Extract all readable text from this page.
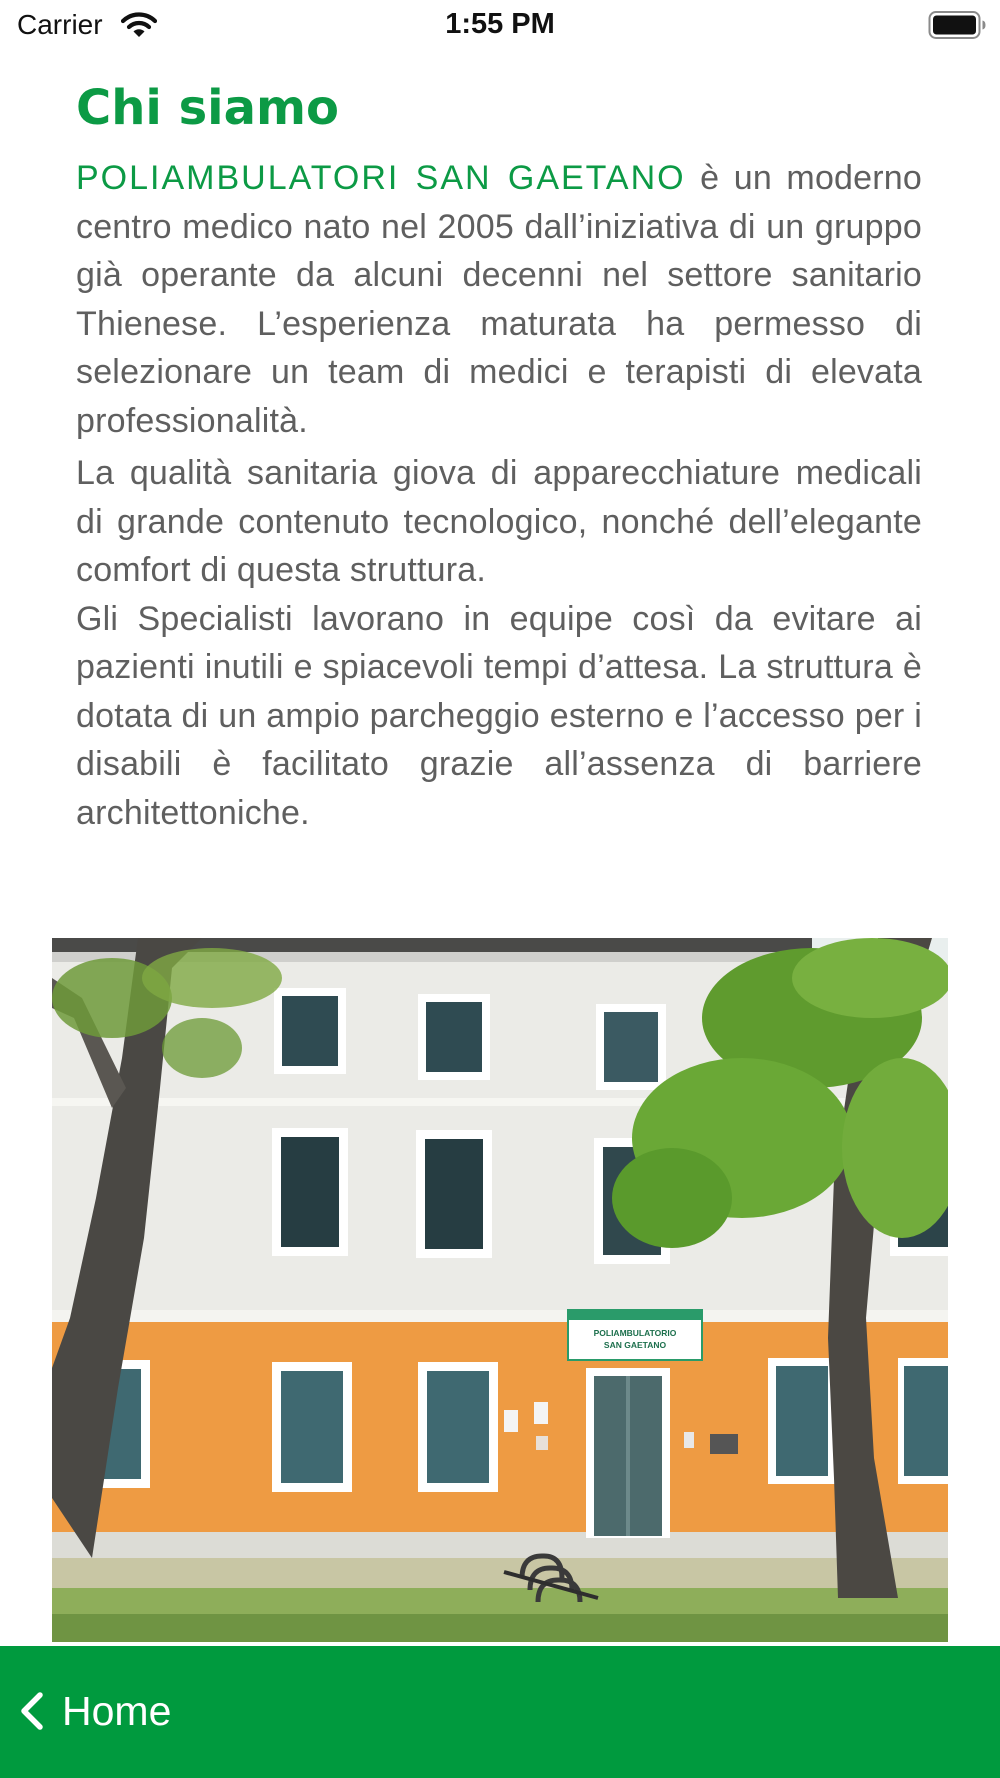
Carrier	1:55 PM
Chi siamo

POLIAMBULATORI SAN GAETANO è un moderno centro medico nato nel 2005 dall’iniziativa di un gruppo già operante da alcuni decenni nel settore sanitario Thienese. L’esperienza maturata ha permesso di selezionare un team di medici e terapisti di elevata professionalità.

La qualità sanitaria giova di apparecchiature medicali di grande contenuto tecnologico, nonché dell’elegante comfort di questa struttura.

Gli Specialisti lavorano in equipe così da evitare ai pazienti inutili e spiacevoli tempi d’attesa. La struttura è dotata di un ampio parcheggio esterno e l’accesso per i disabili è facilitato grazie all’assenza di barriere architettoniche.

POLIAMBULATORIO
SAN GAETANO
Home
